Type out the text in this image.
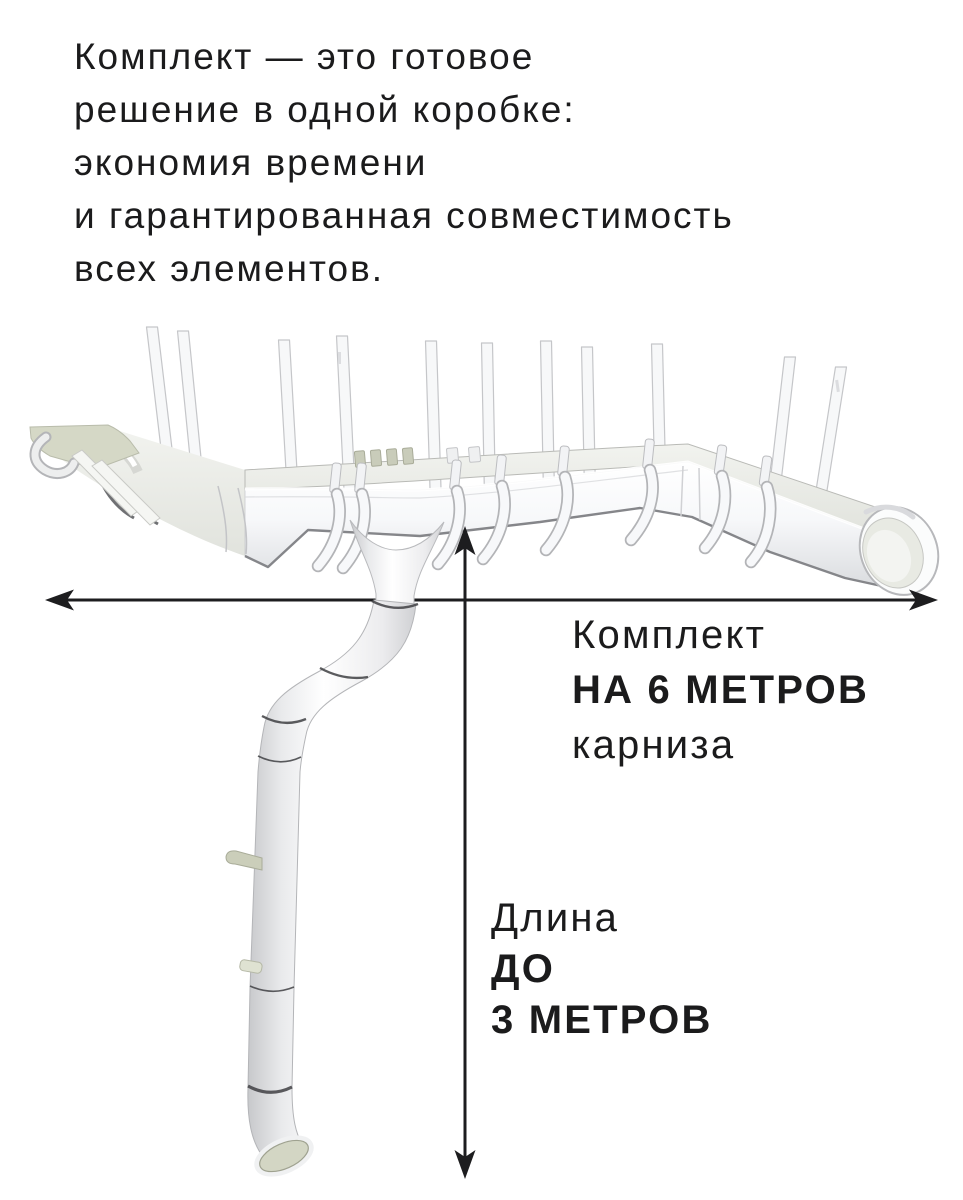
Комплект — это готовое
решение в одной коробке:
экономия времени
и гарантированная совместимость
всех элементов.
Комплект
НА 6 МЕТРОВ
карниза
Длина
ДО
3 МЕТРОВ
